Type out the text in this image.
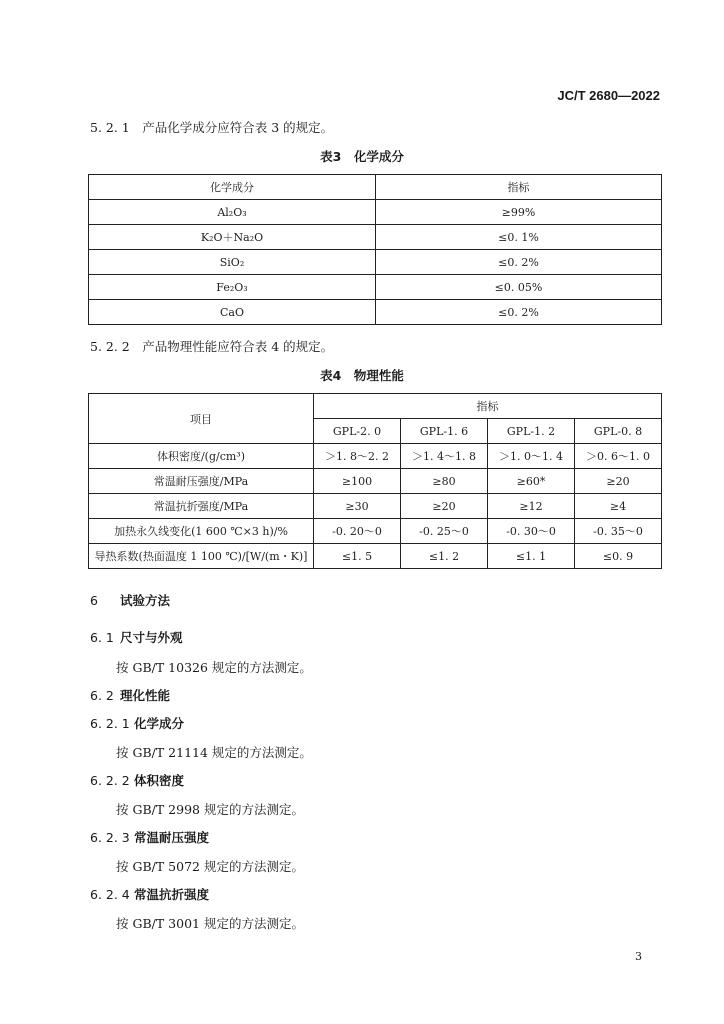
JC/T 2680—2022
5. 2. 1　产品化学成分应符合表 3 的规定。
表3　化学成分
化学成分	指标
Al₂O₃	≥99%
K₂O＋Na₂O	≤0. 1%
SiO₂	≤0. 2%
Fe₂O₃	≤0. 05%
CaO	≤0. 2%
5. 2. 2　产品物理性能应符合表 4 的规定。
表4　物理性能
项目	指标			
	GPL-2. 0	GPL-1. 6	GPL-1. 2	GPL-0. 8
体积密度/(g/cm³)	＞1. 8～2. 2	＞1. 4～1. 8	＞1. 0～1. 4	＞0. 6～1. 0
常温耐压强度/MPa	≥100	≥80	≥60*	≥20
常温抗折强度/MPa	≥30	≥20	≥12	≥4
加热永久线变化(1 600 ℃×3 h)/%	-0. 20～0	-0. 25～0	-0. 30～0	-0. 35～0
导热系数(热面温度 1 100 ℃)/[W/(m・K)]	≤1. 5	≤1. 2	≤1. 1	≤0. 9
6 试验方法
6. 1 尺寸与外观
按 GB/T 10326 规定的方法测定。
6. 2 理化性能
6. 2. 1 化学成分
按 GB/T 21114 规定的方法测定。
6. 2. 2 体积密度
按 GB/T 2998 规定的方法测定。
6. 2. 3 常温耐压强度
按 GB/T 5072 规定的方法测定。
6. 2. 4 常温抗折强度
按 GB/T 3001 规定的方法测定。
3
